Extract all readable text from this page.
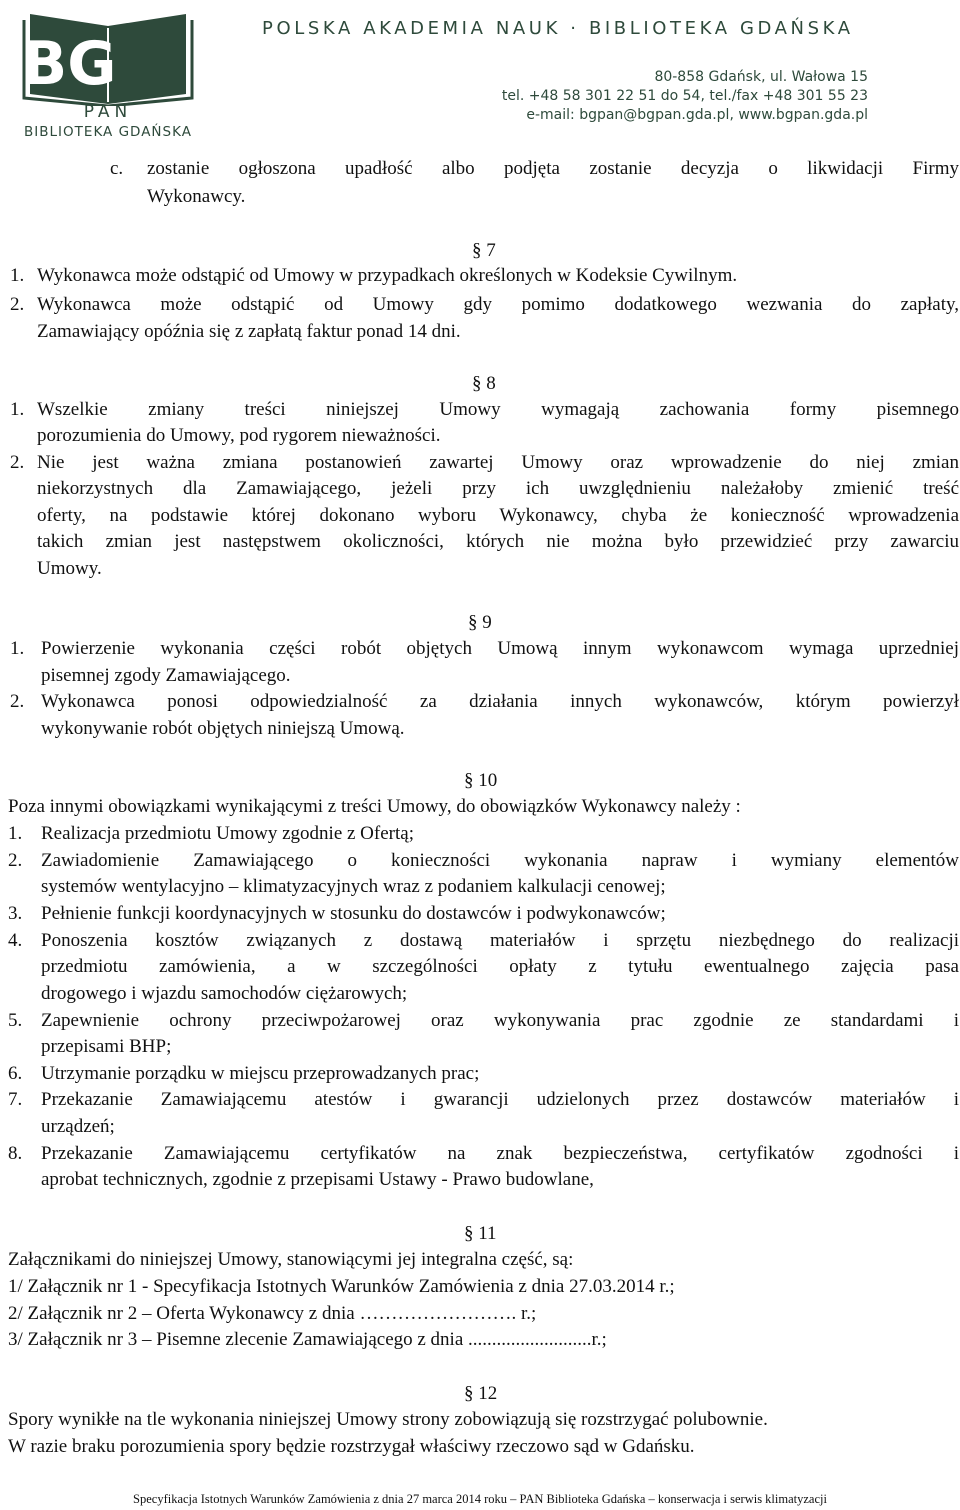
BG
PAN
BIBLIOTEKA GDAŃSKA
POLSKA AKADEMIA NAUK · BIBLIOTEKA GDAŃSKA
80-858 Gdańsk, ul. Wałowa 15
tel. +48 58 301 22 51 do 54, tel./fax +48 301 55 23
e-mail: bgpan@bgpan.gda.pl, www.bgpan.gda.pl
c. zostanie ogłoszona upadłość albo podjęta zostanie decyzja o likwidacji Firmy
Wykonawcy.
§ 7
1. Wykonawca może odstąpić od Umowy w przypadkach określonych w Kodeksie Cywilnym.
2. Wykonawca może odstąpić od Umowy gdy pomimo dodatkowego wezwania do zapłaty,
Zamawiający opóźnia się z zapłatą faktur ponad 14 dni.
§ 8
1. Wszelkie zmiany treści niniejszej Umowy wymagają zachowania formy pisemnego
porozumienia do Umowy, pod rygorem nieważności.
2. Nie jest ważna zmiana postanowień zawartej Umowy oraz wprowadzenie do niej zmian
niekorzystnych dla Zamawiającego, jeżeli przy ich uwzględnieniu należałoby zmienić treść
oferty, na podstawie której dokonano wyboru Wykonawcy, chyba że konieczność wprowadzenia
takich zmian jest następstwem okoliczności, których nie można było przewidzieć przy zawarciu
Umowy.
§ 9
1. Powierzenie wykonania części robót objętych Umową innym wykonawcom wymaga uprzedniej
pisemnej zgody Zamawiającego.
2. Wykonawca ponosi odpowiedzialność za działania innych wykonawców, którym powierzył
wykonywanie robót objętych niniejszą Umową.
§ 10
Poza innymi obowiązkami wynikającymi z treści Umowy, do obowiązków Wykonawcy należy :
1. Realizacja przedmiotu Umowy zgodnie z Ofertą;
2. Zawiadomienie Zamawiającego o konieczności wykonania napraw i wymiany elementów
systemów wentylacyjno – klimatyzacyjnych wraz z podaniem kalkulacji cenowej;
3. Pełnienie funkcji koordynacyjnych w stosunku do dostawców i podwykonawców;
4. Ponoszenia kosztów związanych z dostawą materiałów i sprzętu niezbędnego do realizacji
przedmiotu zamówienia, a w szczególności opłaty z tytułu ewentualnego zajęcia pasa
drogowego i wjazdu samochodów ciężarowych;
5. Zapewnienie ochrony przeciwpożarowej oraz wykonywania prac zgodnie ze standardami i
przepisami BHP;
6. Utrzymanie porządku w miejscu przeprowadzanych prac;
7. Przekazanie Zamawiającemu atestów i gwarancji udzielonych przez dostawców materiałów i
urządzeń;
8. Przekazanie Zamawiającemu certyfikatów na znak bezpieczeństwa, certyfikatów zgodności i
aprobat technicznych, zgodnie z przepisami Ustawy - Prawo budowlane,
§ 11
Załącznikami do niniejszej Umowy, stanowiącymi jej integralna część, są:
1/ Załącznik nr 1 - Specyfikacja Istotnych Warunków Zamówienia z dnia 27.03.2014 r.;
2/ Załącznik nr 2 – Oferta Wykonawcy z dnia ……………………. r.;
3/ Załącznik nr 3 – Pisemne zlecenie Zamawiającego z dnia ..........................r.;
§ 12
Spory wynikłe na tle wykonania niniejszej Umowy strony zobowiązują się rozstrzygać polubownie.
W razie braku porozumienia spory będzie rozstrzygał właściwy rzeczowo sąd w Gdańsku.
Specyfikacja Istotnych Warunków Zamówienia z dnia 27 marca 2014 roku – PAN Biblioteka Gdańska – konserwacja i serwis klimatyzacji
